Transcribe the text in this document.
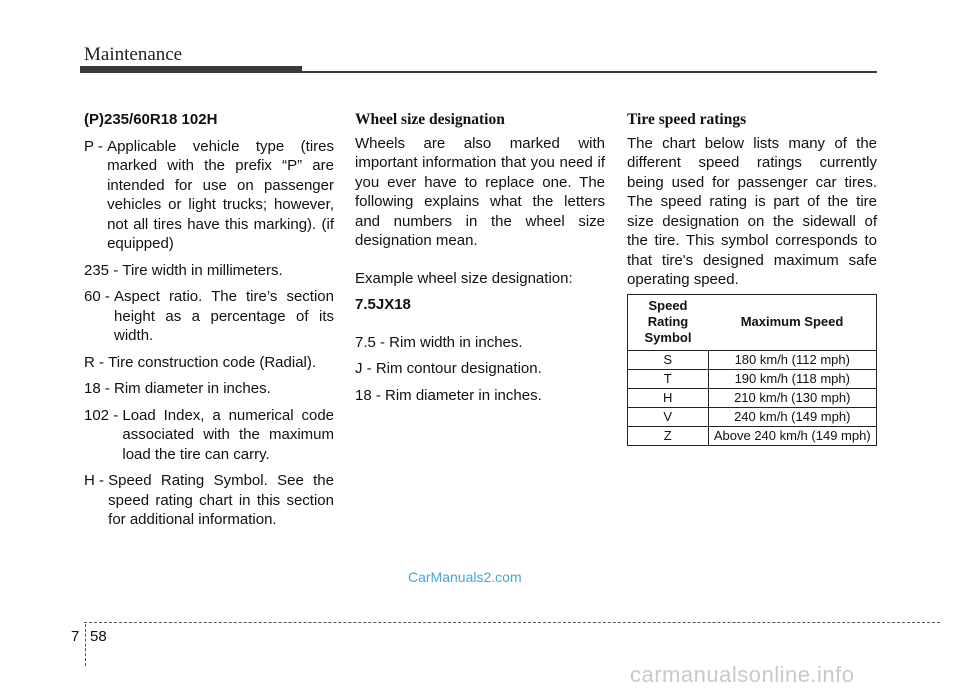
Maintenance

(P)235/60R18 102H

P - Applicable vehicle type (tires marked with the prefix “P” are intended for use on passenger vehicles or light trucks; however, not all tires have this marking). (if equipped)
235 - Tire width in millimeters.
60 - Aspect ratio. The tire’s section height as a percentage of its width.
R - Tire construction code (Radial).
18 - Rim diameter in inches.
102 - Load Index, a numerical code associated with the maximum load the tire can carry.
H - Speed Rating Symbol. See the speed rating chart in this section for additional information.
Wheel size designation

Wheels are also marked with important information that you need if you ever have to replace one. The following explains what the letters and numbers in the wheel size designation mean.

Example wheel size designation:

7.5JX18

7.5 - Rim width in inches.

J - Rim contour designation.

18 - Rim diameter in inches.

Tire speed ratings

The chart below lists many of the different speed ratings currently being used for passenger car tires. The speed rating is part of the tire size designation on the sidewall of the tire. This symbol corresponds to that tire's designed maximum safe operating speed.

Speed
Rating
Symbol	Maximum Speed
S	180 km/h (112 mph)
T	190 km/h (118 mph)
H	210 km/h (130 mph)
V	240 km/h (149 mph)
Z	Above 240 km/h (149 mph)
CarManuals2.com
7 58
carmanualsonline.info
